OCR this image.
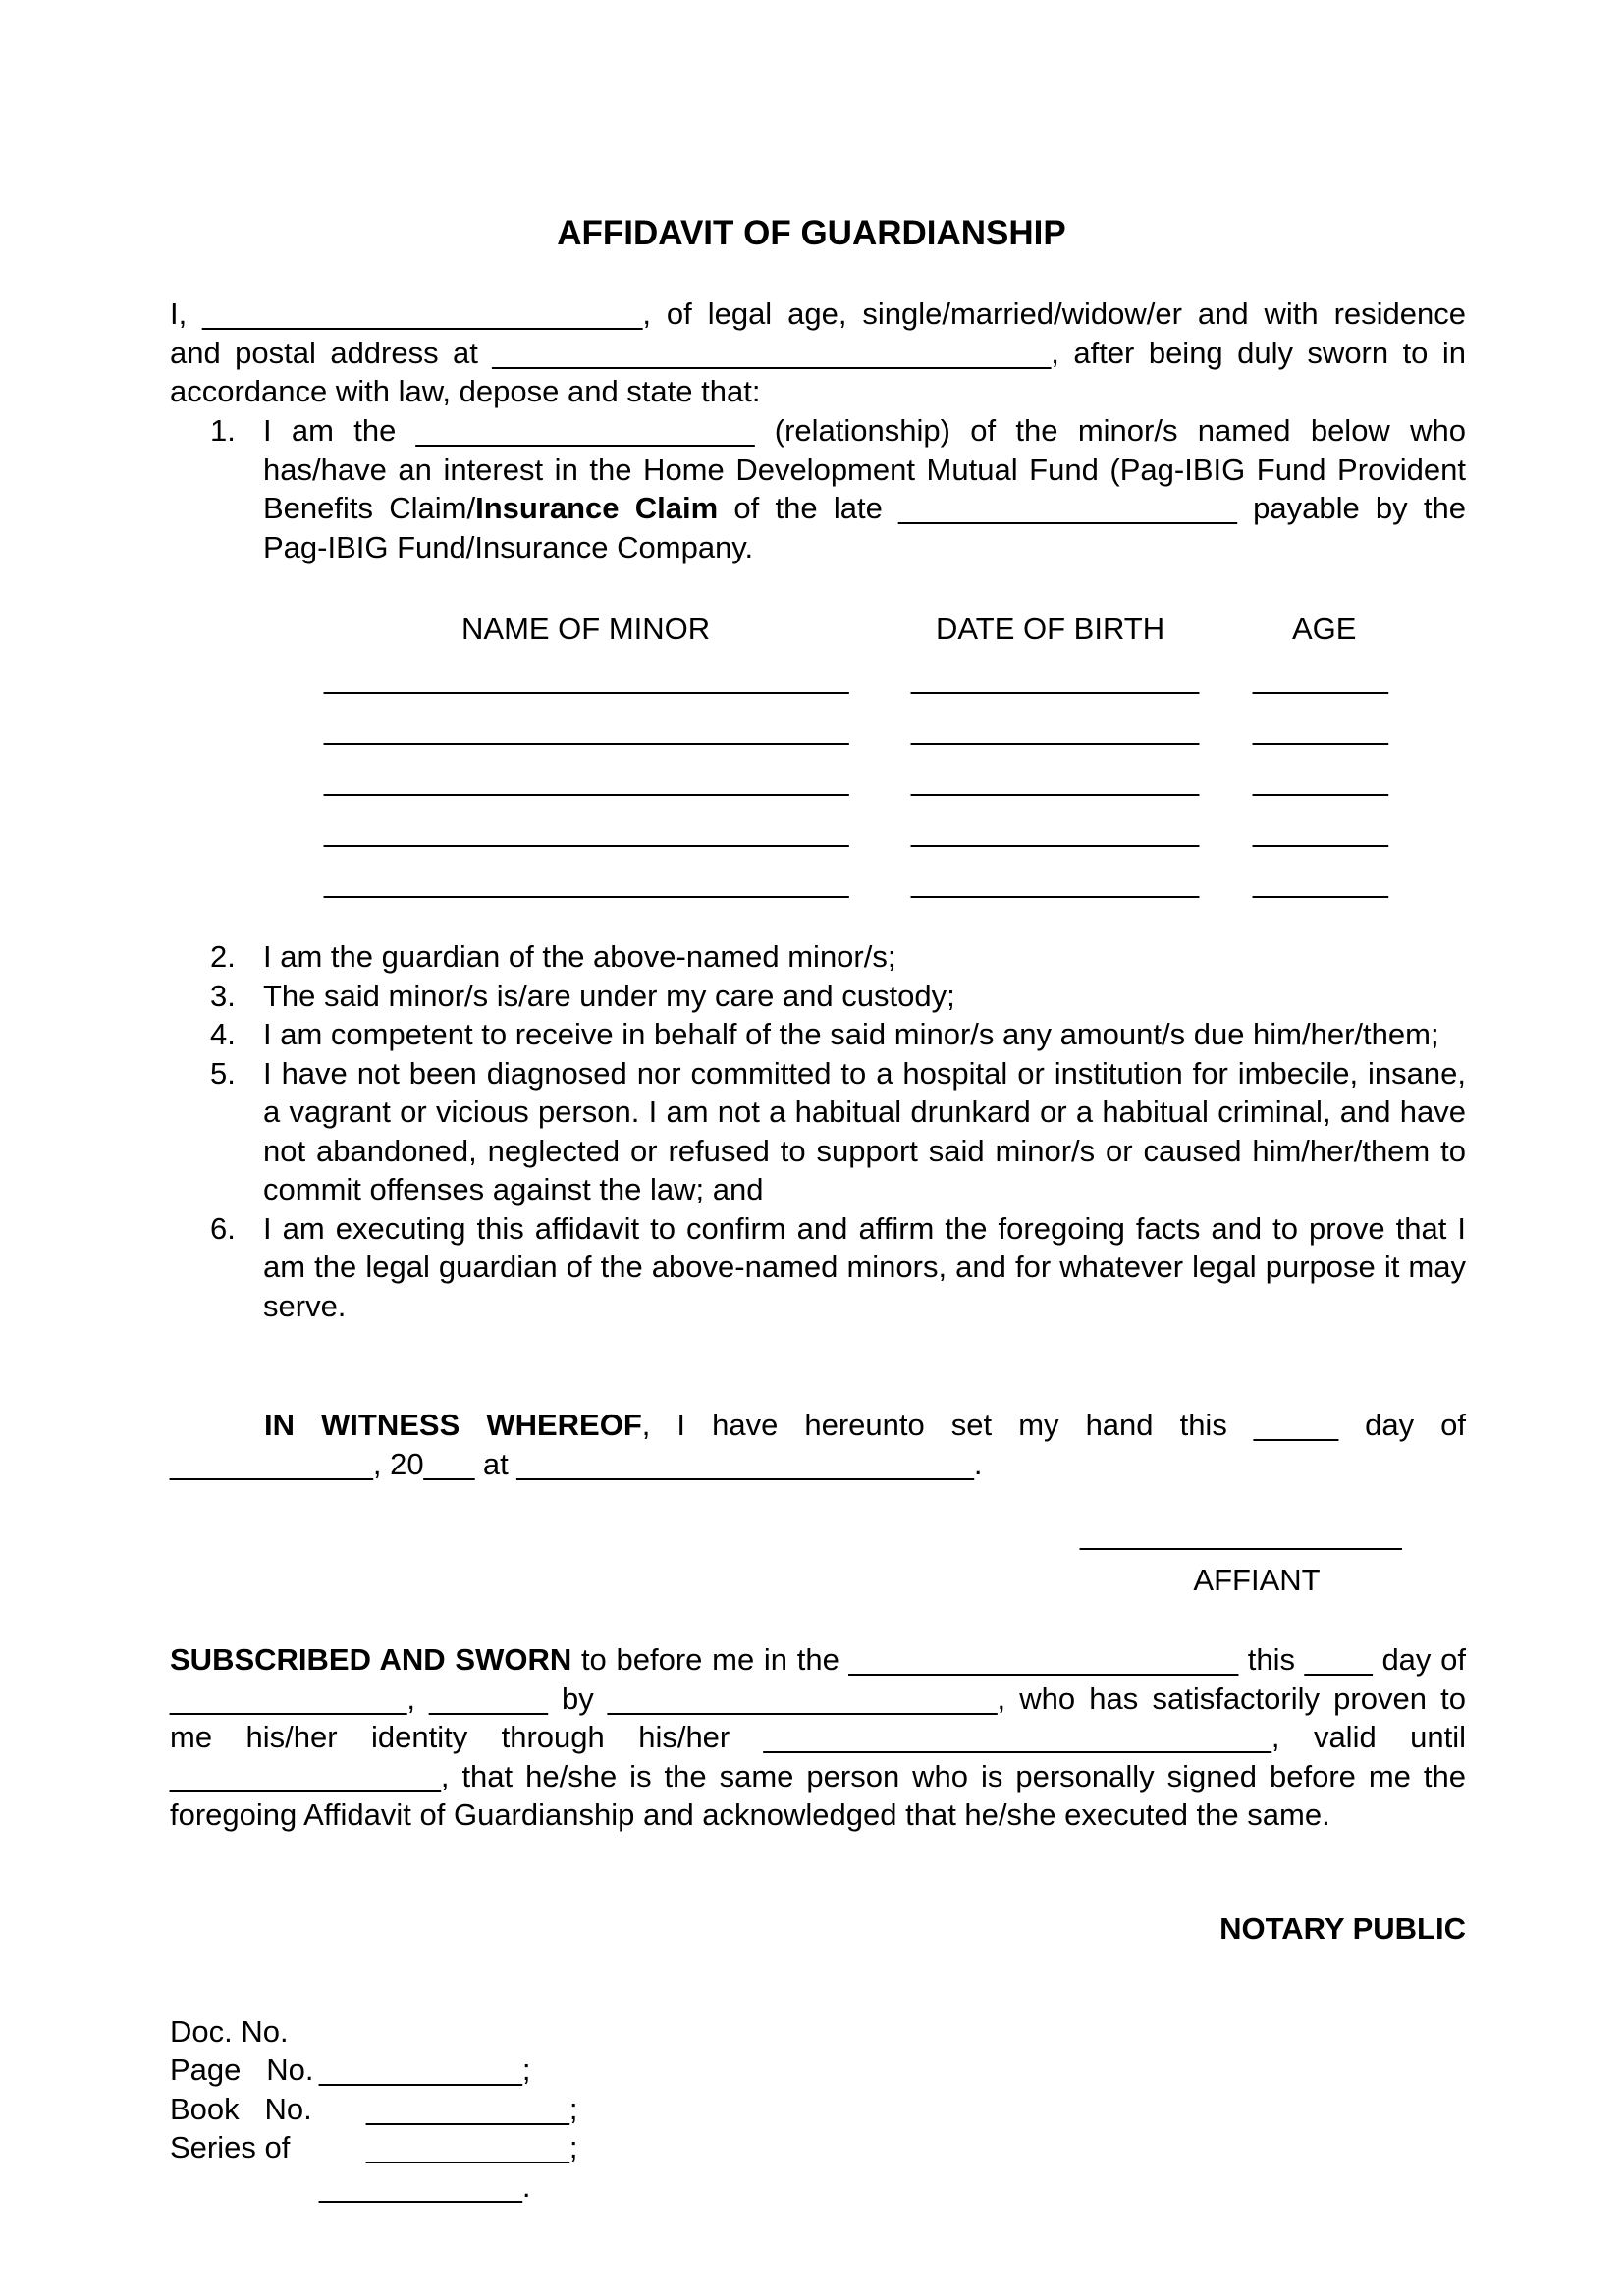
AFFIDAVIT OF GUARDIANSHIP

I, __________________________, of legal age, single/married/widow/er and with residence and postal address at _________________________________, after being duly sworn to in accordance with law, depose and state that:

1. I am the ____________________ (relationship) of the minor/s named below who has/have an interest in the Home Development Mutual Fund (Pag-IBIG Fund Provident Benefits Claim/Insurance Claim of the late ____________________ payable by the Pag-IBIG Fund/Insurance Company.
NAME OF MINOR	DATE OF BIRTH	AGE
_______________________________ _________________ ________
_______________________________ _________________ ________
_______________________________ _________________ ________
_______________________________ _________________ ________
_______________________________ _________________ ________
2. I am the guardian of the above-named minor/s;
3. The said minor/s is/are under my care and custody;
4. I am competent to receive in behalf of the said minor/s any amount/s due him/her/them;
5. I have not been diagnosed nor committed to a hospital or institution for imbecile, insane, a vagrant or vicious person. I am not a habitual drunkard or a habitual criminal, and have not abandoned, neglected or refused to support said minor/s or caused him/her/them to commit offenses against the law; and
6. I am executing this affidavit to confirm and affirm the foregoing facts and to prove that I am the legal guardian of the above-named minors, and for whatever legal purpose it may serve.

IN WITNESS WHEREOF, I have hereunto set my hand this _____ day of ____________, 20___ at ___________________________.

___________________
AFFIANT

SUBSCRIBED AND SWORN to before me in the _______________________ this ____ day of ______________, _______ by _______________________, who has satisfactorily proven to me his/her identity through his/her ______________________________, valid until ________________, that he/she is the same person who is personally signed before me the foregoing Affidavit of Guardianship and acknowledged that he/she executed the same.

NOTARY PUBLIC

Doc. No.

____________;

Page   No.

____________;

Book   No.

____________;

Series of

____________.
